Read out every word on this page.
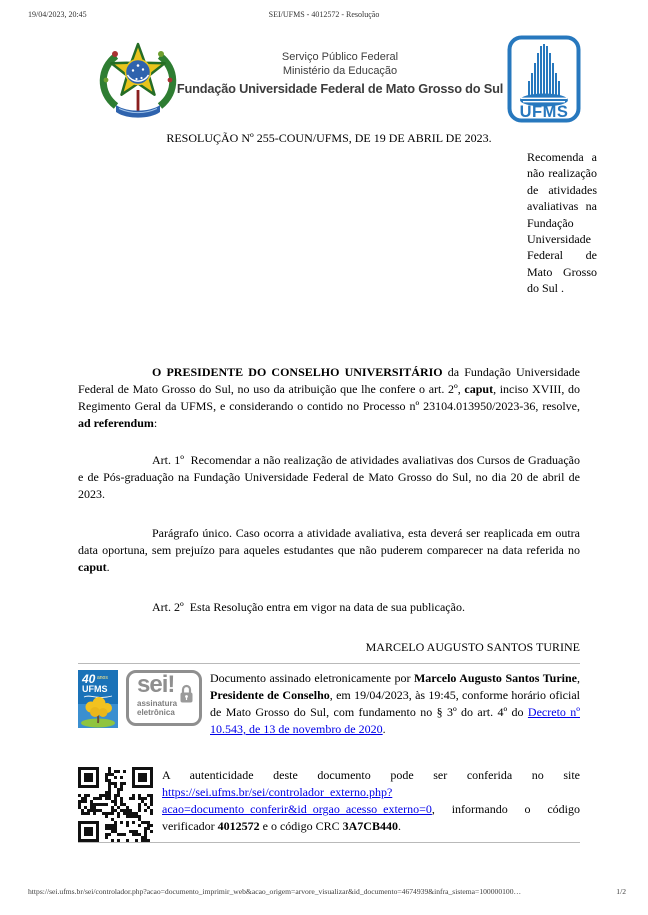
19/04/2023, 20:45	SEI/UFMS - 4012572 - Resolução
Serviço Público Federal
Ministério da Educação
Fundação Universidade Federal de Mato Grosso do Sul
UFMS
RESOLUÇÃO Nº 255-COUN/UFMS, DE 19 DE ABRIL DE 2023.
Recomenda a não realização de atividades avaliativas na Fundação Universidade Federal de Mato Grosso do Sul .

O PRESIDENTE DO CONSELHO UNIVERSITÁRIO da Fundação Universidade Federal de Mato Grosso do Sul, no uso da atribuição que lhe confere o art. 2º, caput, inciso XVIII, do Regimento Geral da UFMS, e considerando o contido no Processo nº 23104.013950/2023-36, resolve, ad referendum:

Art. 1º  Recomendar a não realização de atividades avaliativas dos Cursos de Graduação e de Pós-graduação na Fundação Universidade Federal de Mato Grosso do Sul, no dia 20 de abril de 2023.

Parágrafo único. Caso ocorra a atividade avaliativa, esta deverá ser reaplicada em outra data oportuna, sem prejuízo para aqueles estudantes que não puderem comparecer na data referida no caput.

Art. 2º  Esta Resolução entra em vigor na data de sua publicação.

MARCELO AUGUSTO SANTOS TURINE
40 anos
UFMS sei!
assinatura
eletrônica

Documento assinado eletronicamente por Marcelo Augusto Santos Turine, Presidente de Conselho, em 19/04/2023, às 19:45, conforme horário oficial de Mato Grosso do Sul, com fundamento no § 3º do art. 4º do Decreto nº 10.543, de 13 de novembro de 2020.

A autenticidade deste documento pode ser conferida no site https://sei.ufms.br/sei/controlador_externo.php?acao=documento_conferir&id_orgao_acesso_externo=0, informando o código verificador 4012572 e o código CRC 3A7CB440.

https://sei.ufms.br/sei/controlador.php?acao=documento_imprimir_web&acao_origem=arvore_visualizar&id_documento=4674939&infra_sistema=100000100…	1/2
